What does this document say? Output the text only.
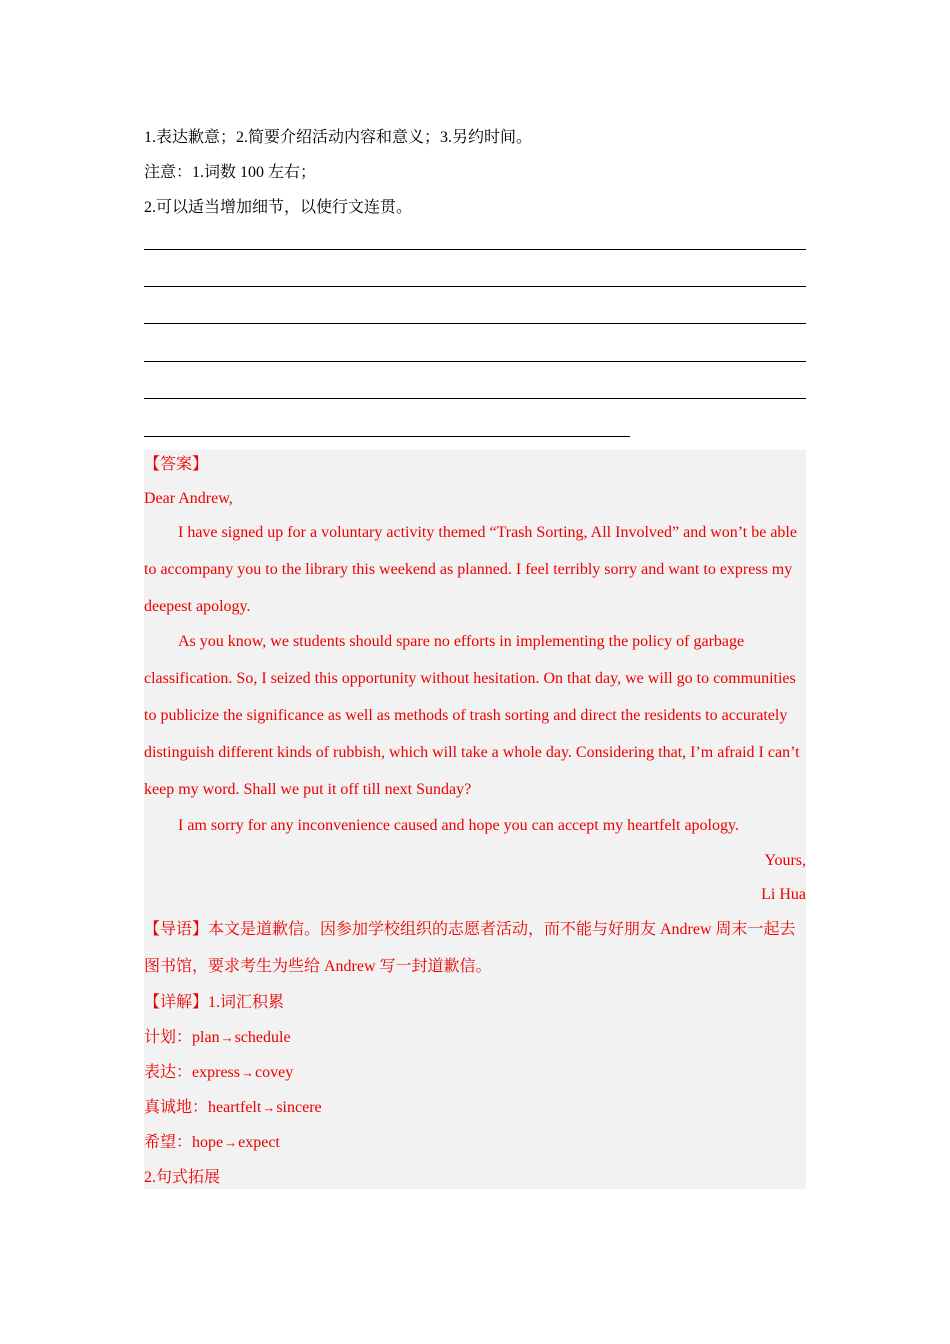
1.表达歉意；2.简要介绍活动内容和意义；3.另约时间。
注意：1.词数 100 左右；
2.可以适当增加细节，以使行文连贯。
【答案】
Dear Andrew,
I have signed up for a voluntary activity themed “Trash Sorting, All Involved” and won’t be able to accompany you to the library this weekend as planned. I feel terribly sorry and want to express my deepest apology.
As you know, we students should spare no efforts in implementing the policy of garbage classification. So, I seized this opportunity without hesitation. On that day, we will go to communities to publicize the significance as well as methods of trash sorting and direct the residents to accurately distinguish different kinds of rubbish, which will take a whole day. Considering that, I’m afraid I can’t keep my word. Shall we put it off till next Sunday?
I am sorry for any inconvenience caused and hope you can accept my heartfelt apology.
Yours,
Li Hua
【导语】本文是道歉信。因参加学校组织的志愿者活动，而不能与好朋友 Andrew 周末一起去图书馆，要求考生为些给 Andrew 写一封道歉信。
【详解】1.词汇积累
计划：plan→schedule
表达：express→covey
真诚地：heartfelt→sincere
希望：hope→expect
2.句式拓展
